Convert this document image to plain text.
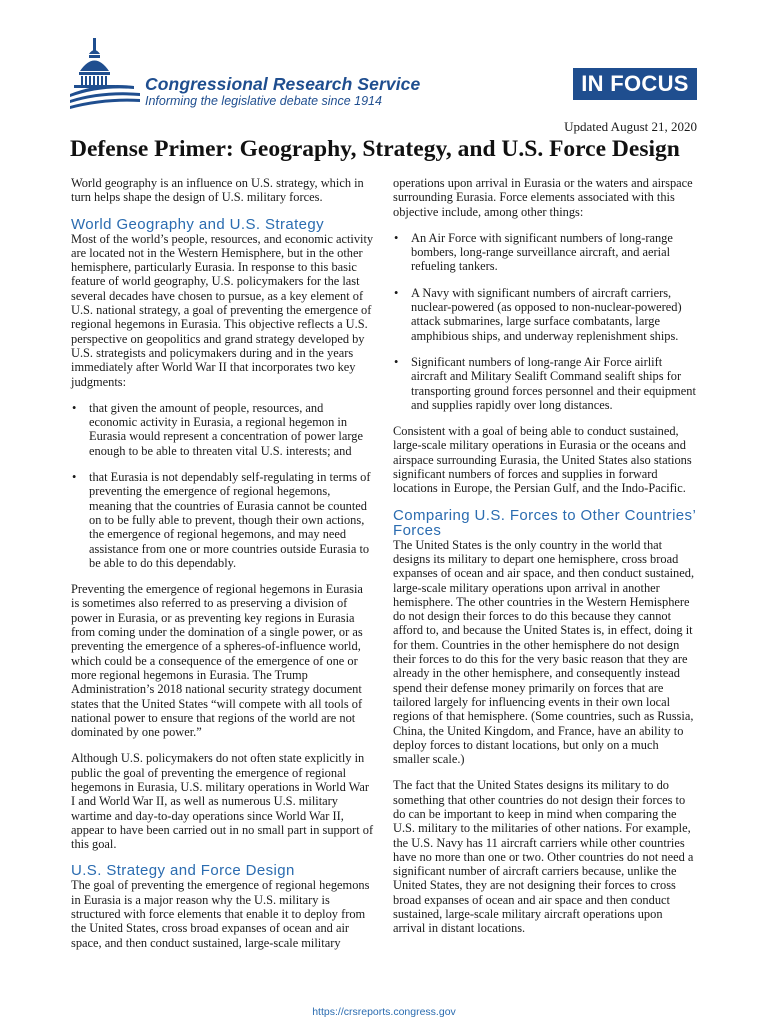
Congressional Research Service
Informing the legislative debate since 1914
IN FOCUS
Updated August 21, 2020
Defense Primer: Geography, Strategy, and U.S. Force Design

World geography is an influence on U.S. strategy, which in turn helps shape the design of U.S. military forces.

World Geography and U.S. Strategy

Most of the world’s people, resources, and economic activity are located not in the Western Hemisphere, but in the other hemisphere, particularly Eurasia. In response to this basic feature of world geography, U.S. policymakers for the last several decades have chosen to pursue, as a key element of U.S. national strategy, a goal of preventing the emergence of regional hegemons in Eurasia. This objective reflects a U.S. perspective on geopolitics and grand strategy developed by U.S. strategists and policymakers during and in the years immediately after World War II that incorporates two key judgments:

• that given the amount of people, resources, and economic activity in Eurasia, a regional hegemon in Eurasia would represent a concentration of power large enough to be able to threaten vital U.S. interests; and
• that Eurasia is not dependably self-regulating in terms of preventing the emergence of regional hegemons, meaning that the countries of Eurasia cannot be counted on to be fully able to prevent, though their own actions, the emergence of regional hegemons, and may need assistance from one or more countries outside Eurasia to be able to do this dependably.

Preventing the emergence of regional hegemons in Eurasia is sometimes also referred to as preserving a division of power in Eurasia, or as preventing key regions in Eurasia from coming under the domination of a single power, or as preventing the emergence of a spheres-of-influence world, which could be a consequence of the emergence of one or more regional hegemons in Eurasia. The Trump Administration’s 2018 national security strategy document states that the United States “will compete with all tools of national power to ensure that regions of the world are not dominated by one power.”

Although U.S. policymakers do not often state explicitly in public the goal of preventing the emergence of regional hegemons in Eurasia, U.S. military operations in World War I and World War II, as well as numerous U.S. military wartime and day-to-day operations since World War II, appear to have been carried out in no small part in support of this goal.

U.S. Strategy and Force Design

The goal of preventing the emergence of regional hegemons in Eurasia is a major reason why the U.S. military is structured with force elements that enable it to deploy from the United States, cross broad expanses of ocean and air space, and then conduct sustained, large-scale military

operations upon arrival in Eurasia or the waters and airspace surrounding Eurasia. Force elements associated with this objective include, among other things:

• An Air Force with significant numbers of long-range bombers, long-range surveillance aircraft, and aerial refueling tankers.
• A Navy with significant numbers of aircraft carriers, nuclear-powered (as opposed to non-nuclear-powered) attack submarines, large surface combatants, large amphibious ships, and underway replenishment ships.
• Significant numbers of long-range Air Force airlift aircraft and Military Sealift Command sealift ships for transporting ground forces personnel and their equipment and supplies rapidly over long distances.

Consistent with a goal of being able to conduct sustained, large-scale military operations in Eurasia or the oceans and airspace surrounding Eurasia, the United States also stations significant numbers of forces and supplies in forward locations in Europe, the Persian Gulf, and the Indo-Pacific.

Comparing U.S. Forces to Other Countries’ Forces

The United States is the only country in the world that designs its military to depart one hemisphere, cross broad expanses of ocean and air space, and then conduct sustained, large-scale military operations upon arrival in another hemisphere. The other countries in the Western Hemisphere do not design their forces to do this because they cannot afford to, and because the United States is, in effect, doing it for them. Countries in the other hemisphere do not design their forces to do this for the very basic reason that they are already in the other hemisphere, and consequently instead spend their defense money primarily on forces that are tailored largely for influencing events in their own local regions of that hemisphere. (Some countries, such as Russia, China, the United Kingdom, and France, have an ability to deploy forces to distant locations, but only on a much smaller scale.)

The fact that the United States designs its military to do something that other countries do not design their forces to do can be important to keep in mind when comparing the U.S. military to the militaries of other nations. For example, the U.S. Navy has 11 aircraft carriers while other countries have no more than one or two. Other countries do not need a significant number of aircraft carriers because, unlike the United States, they are not designing their forces to cross broad expanses of ocean and air space and then conduct sustained, large-scale military aircraft operations upon arrival in distant locations.

https://crsreports.congress.gov
